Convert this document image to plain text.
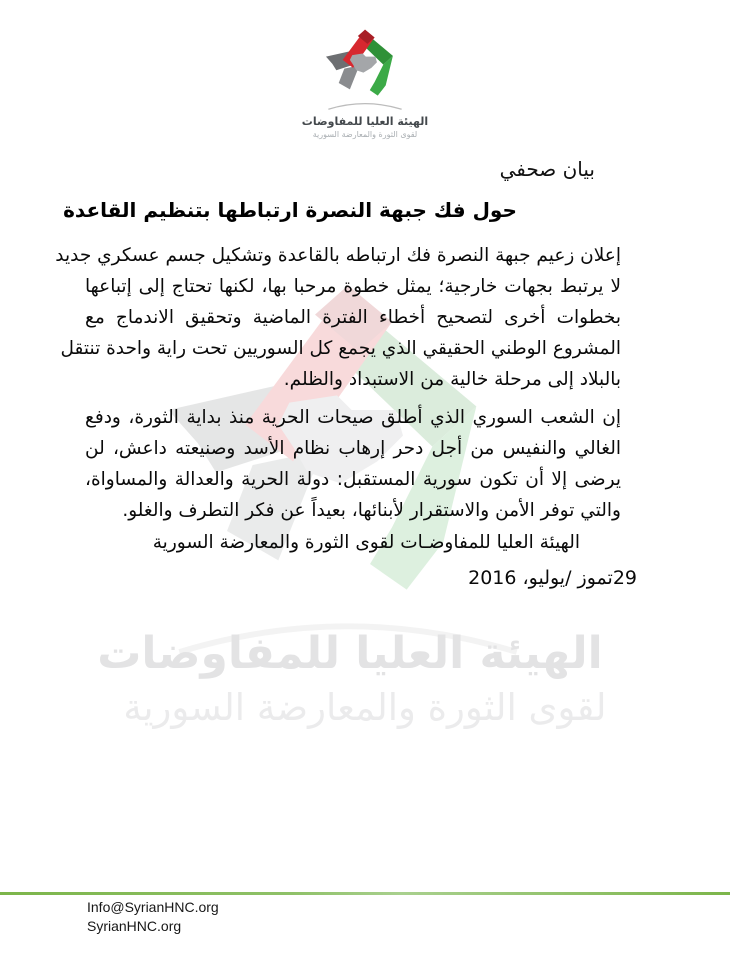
الهيئة العليا للمفاوضات
لقوى الثورة والمعارضة السورية
الهيئة العليا للمفاوضات
لقوى الثورة والمعارضة السورية
بيان صحفي
حول فك جبهة النصرة ارتباطها بتنظيم القاعدة
إعلان زعيم جبهة النصرة فك ارتباطه بالقاعدة وتشكيل جسم عسكري جديد
لا يرتبط بجهات خارجية؛ يمثل خطوة مرحبا بها، لكنها تحتاج إلى إتباعها
بخطوات أخرى لتصحيح أخطاء الفترة الماضية وتحقيق الاندماج مع
المشروع الوطني الحقيقي الذي يجمع كل السوريين تحت راية واحدة تنتقل
بالبلاد إلى مرحلة خالية من الاستبداد والظلم.
إن الشعب السوري الذي أطلق صيحات الحرية منذ بداية الثورة، ودفع
الغالي والنفيس من أجل دحر إرهاب نظام الأسد وصنيعته داعش، لن
يرضى إلا أن تكون سورية المستقبل: دولة الحرية والعدالة والمساواة،
والتي توفر الأمن والاستقرار لأبنائها، بعيداً عن فكر التطرف والغلو.
الهيئة العليا للمفاوضـات لقوى الثورة والمعارضة السورية
29تموز /يوليو، 2016
Info@SyrianHNC.org
SyrianHNC.org
